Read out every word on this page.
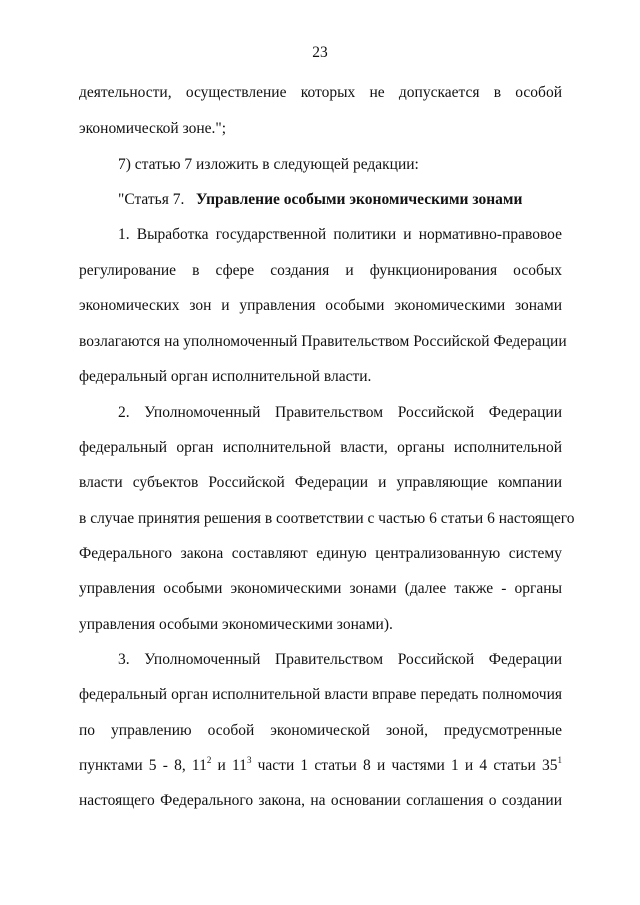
23
деятельности, осуществление которых не допускается в особой
экономической зоне.";
7) статью 7 изложить в следующей редакции:
"Статья 7. Управление особыми экономическими зонами
1. Выработка государственной политики и нормативно-правовое
регулирование в сфере создания и функционирования особых
экономических зон и управления особыми экономическими зонами
возлагаются на уполномоченный Правительством Российской Федерации
федеральный орган исполнительной власти.
2. Уполномоченный Правительством Российской Федерации
федеральный орган исполнительной власти, органы исполнительной
власти субъектов Российской Федерации и управляющие компании
в случае принятия решения в соответствии с частью 6 статьи 6 настоящего
Федерального закона составляют единую централизованную систему
управления особыми экономическими зонами (далее также - органы
управления особыми экономическими зонами).
3. Уполномоченный Правительством Российской Федерации
федеральный орган исполнительной власти вправе передать полномочия
по управлению особой экономической зоной, предусмотренные
пунктами 5 - 8, $11^2$ и $11^3$ части 1 статьи 8 и частями 1 и 4 статьи $35^1$
настоящего Федерального закона, на основании соглашения о создании
